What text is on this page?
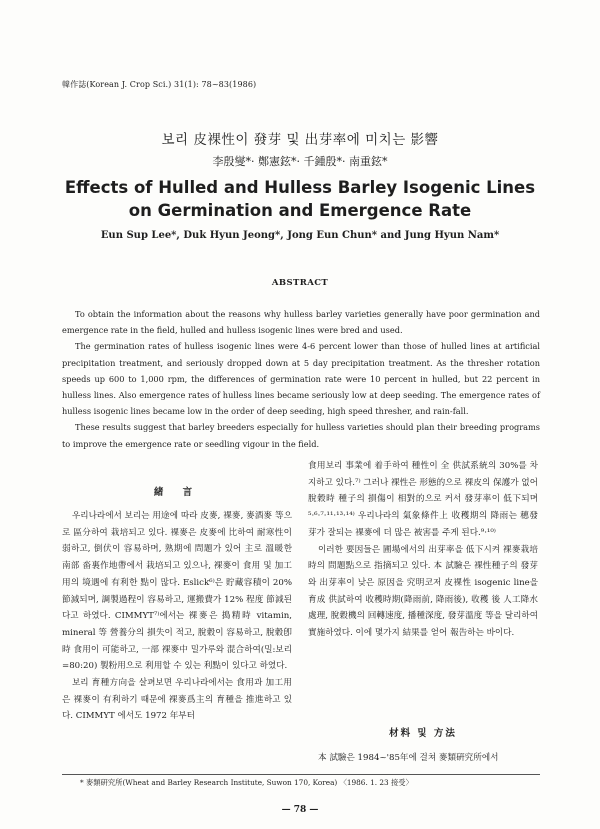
韓作誌(Korean J. Crop Sci.) 31(1): 78~83(1986)
보리 皮裸性이 發芽 및 出芽率에 미치는 影響
李殷燮*· 鄭憲鉉*· 千鍾殷*· 南重鉉*
Effects of Hulled and Hulless Barley Isogenic Lines
on Germination and Emergence Rate
Eun Sup Lee*, Duk Hyun Jeong*, Jong Eun Chun* and Jung Hyun Nam*
ABSTRACT

To obtain the information about the reasons why hulless barley varieties generally have poor germination and emergence rate in the field, hulled and hulless isogenic lines were bred and used.

The germination rates of hulless isogenic lines were 4-6 percent lower than those of hulled lines at artificial precipitation treatment, and seriously dropped down at 5 day precipitation treatment. As the thresher rotation speeds up 600 to 1,000 rpm, the differences of germination rate were 10 percent in hulled, but 22 percent in hulless lines. Also emergence rates of hulless lines became seriously low at deep seeding. The emergence rates of hulless isogenic lines became low in the order of deep seeding, high speed thresher, and rain-fall.

These results suggest that barley breeders especially for hulless varieties should plan their breeding programs to improve the emergence rate or seedling vigour in the field.

緒 言

우리나라에서 보리는 用途에 따라 皮麥, 裸麥, 麥酒麥 等으로 區分하여 栽培되고 있다. 裸麥은 皮麥에 比하여 耐寒性이 弱하고, 倒伏이 容易하며, 熟期에 問題가 있어 主로 溫暖한 南部 畓裏作地帶에서 栽培되고 있으나, 裸麥이 食用 및 加工用의 境遇에 有利한 點이 많다. Eslick⁶⁾은 貯藏容積이 20% 節減되며, 調製過程이 容易하고, 運搬費가 12% 程度 節減된다고 하였다. CIMMYT⁷⁾에서는 裸麥은 搗精時 vitamin, mineral 等 營養分의 損失이 적고, 脫穀이 容易하고, 脫穀卽時 食用이 可能하고, 一部 裸麥中 밀가루와 混合하여(밀:보리=80:20) 製粉用으로 利用할 수 있는 利點이 있다고 하였다.

보리 育種方向을 살펴보면 우리나라에서는 食用과 加工用은 裸麥이 有利하기 때문에 裸麥爲主의 育種을 推進하고 있다. CIMMYT 에서도 1972 年부터

食用보리 事業에 着手하여 種性이 全 供試系統의 30%를 차지하고 있다.⁷⁾ 그러나 裸性은 形態的으로 裸皮의 保護가 없어 脫穀時 種子의 損傷이 相對的으로 커서 發芽率이 低下되며⁵·⁶·⁷·¹¹·¹³·¹⁴⁾ 우리나라의 氣象條件上 收穫期의 降雨는 穗發芽가 잘되는 裸麥에 더 많은 被害를 주게 된다.⁹·¹⁰⁾

이러한 要因들은 圃場에서의 出芽率을 低下시켜 裸麥栽培時의 問題點으로 指摘되고 있다. 本 試驗은 裸性種子의 發芽와 出芽率이 낮은 原因을 究明코저 皮裸性 isogenic line을 育成 供試하여 收穫時期(降雨前, 降雨後), 收穫 後 人工降水處理, 脫穀機의 回轉速度, 播種深度, 發芽溫度 等을 달리하여 實施하였다. 이에 몇가지 結果를 얻어 報告하는 바이다.

材料 및 方法

本 試驗은 1984~'85年에 걸쳐 麥類硏究所에서

* 麥類硏究所(Wheat and Barley Research Institute, Suwon 170, Korea) 〈1986. 1. 23 接受〉
— 78 —
